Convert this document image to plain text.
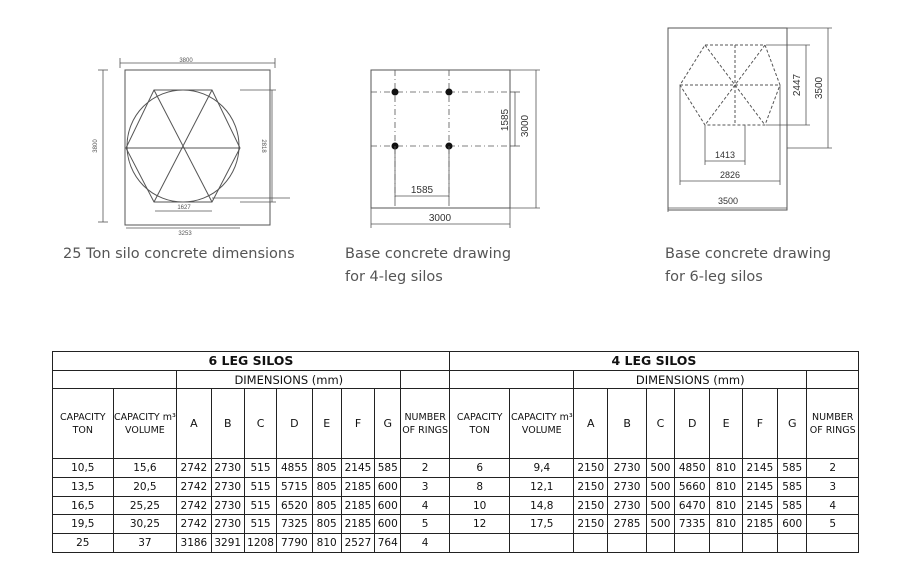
3800
3800	2818
1627
3253
25 Ton silo concrete dimensions
1585 3000
1585
3000
Base concrete drawing
for 4-leg silos
2447 3500
1413
2826
3500
Base concrete drawing
for 6-leg silos
6 LEG SILOS										4 LEG SILOS									
		DIMENSIONS (mm)										DIMENSIONS (mm)							
CAPACITY TON	CAPACITY m³ VOLUME	A	B	C	D	E	F	G	NUMBER OF RINGS	CAPACITY TON	CAPACITY m³ VOLUME	A	B	C	D	E	F	G	NUMBER OF RINGS
10,5	15,6	2742	2730	515	4855	805	2145	585	2	6	9,4	2150	2730	500	4850	810	2145	585	2
13,5	20,5	2742	2730	515	5715	805	2185	600	3	8	12,1	2150	2730	500	5660	810	2145	585	3
16,5	25,25	2742	2730	515	6520	805	2185	600	4	10	14,8	2150	2730	500	6470	810	2145	585	4
19,5	30,25	2742	2730	515	7325	805	2185	600	5	12	17,5	2150	2785	500	7335	810	2185	600	5
25	37	3186	3291	1208	7790	810	2527	764	4										
